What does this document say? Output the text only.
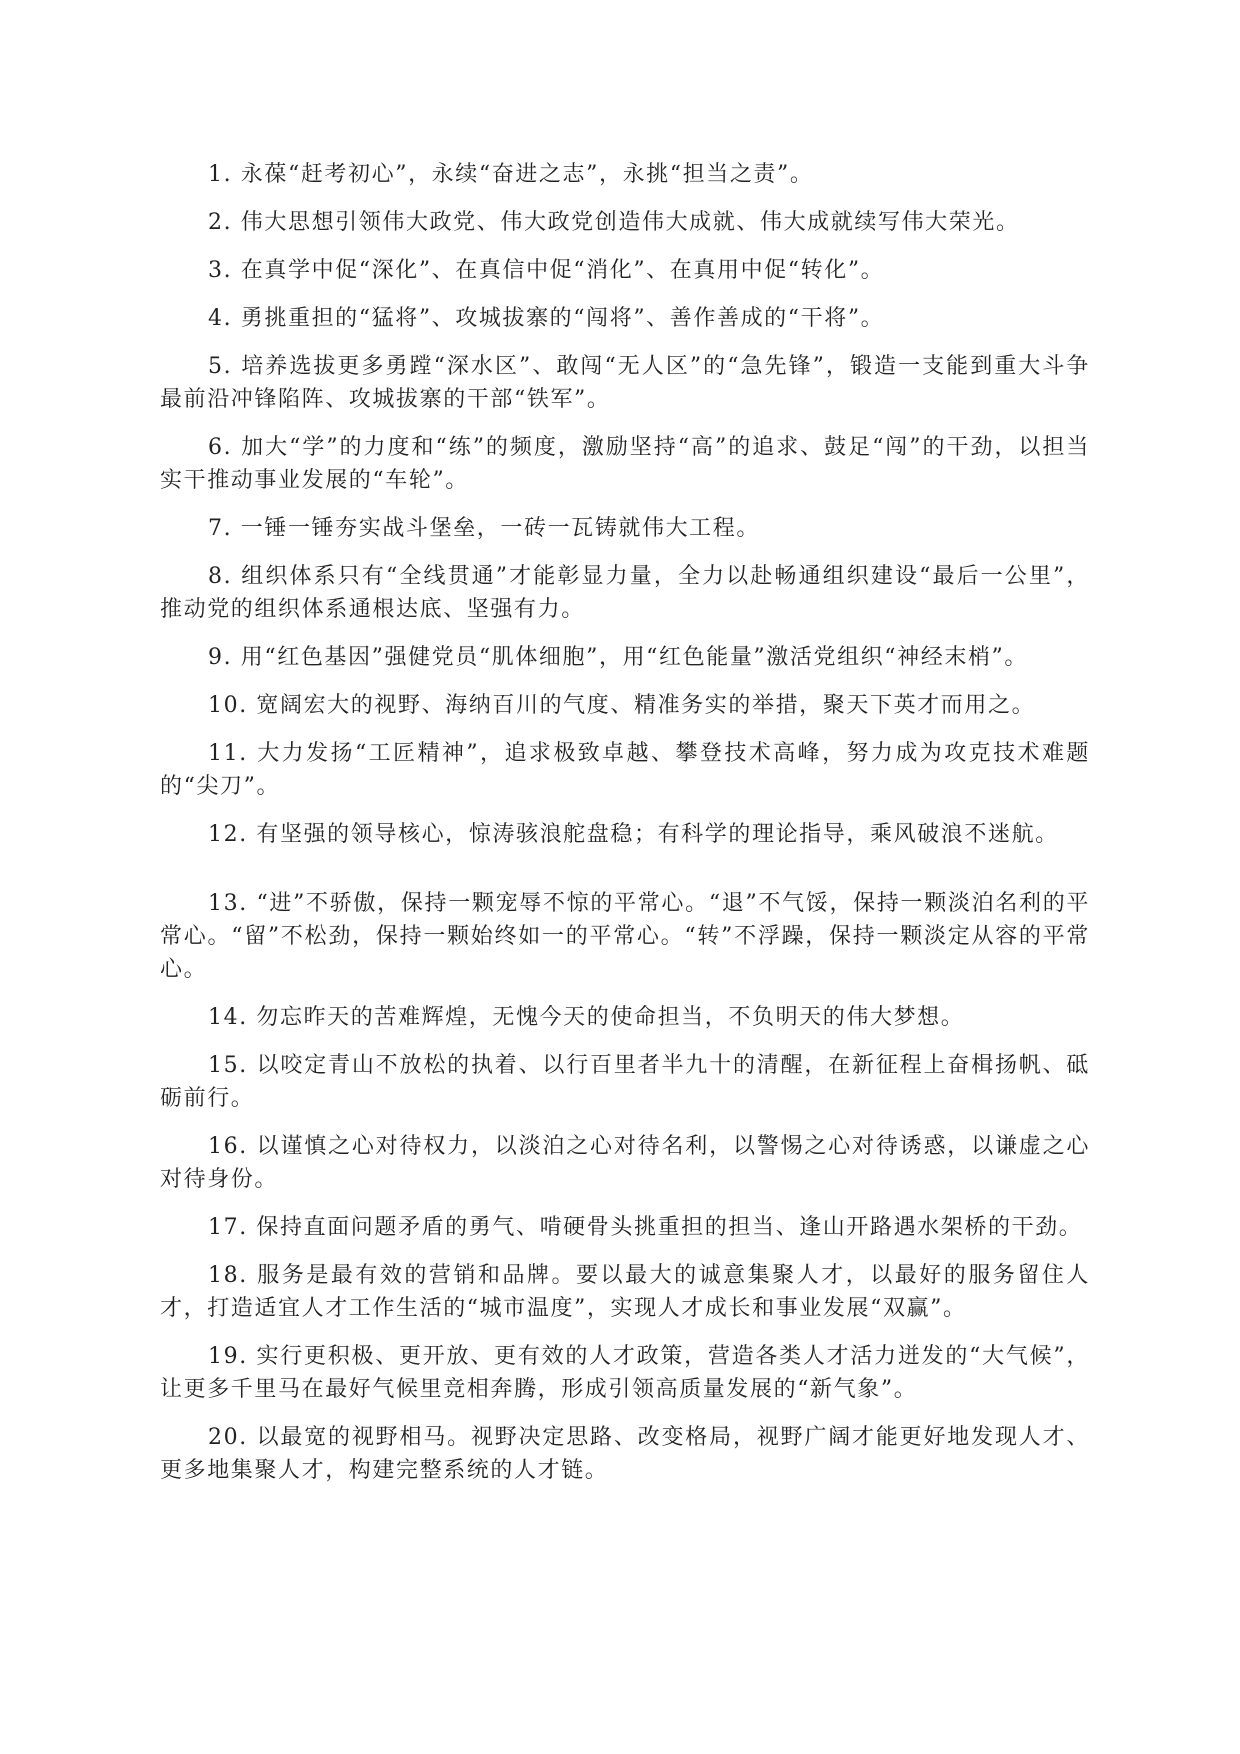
1. 永葆“赶考初心”，永续“奋进之志”，永挑“担当之责”。

2. 伟大思想引领伟大政党、伟大政党创造伟大成就、伟大成就续写伟大荣光。

3. 在真学中促“深化”、在真信中促“消化”、在真用中促“转化”。

4. 勇挑重担的“猛将”、攻城拔寨的“闯将”、善作善成的“干将”。

5. 培养选拔更多勇蹚“深水区”、敢闯“无人区”的“急先锋”，锻造一支能到重大斗争最前沿冲锋陷阵、攻城拔寨的干部“铁军”。

6. 加大“学”的力度和“练”的频度，激励坚持“高”的追求、鼓足“闯”的干劲，以担当实干推动事业发展的“车轮”。

7. 一锤一锤夯实战斗堡垒，一砖一瓦铸就伟大工程。

8. 组织体系只有“全线贯通”才能彰显力量，全力以赴畅通组织建设“最后一公里”，推动党的组织体系通根达底、坚强有力。

9. 用“红色基因”强健党员“肌体细胞”，用“红色能量”激活党组织“神经末梢”。

10. 宽阔宏大的视野、海纳百川的气度、精准务实的举措，聚天下英才而用之。

11. 大力发扬“工匠精神”，追求极致卓越、攀登技术高峰，努力成为攻克技术难题的“尖刀”。

12. 有坚强的领导核心，惊涛骇浪舵盘稳；有科学的理论指导，乘风破浪不迷航。

13. “进”不骄傲，保持一颗宠辱不惊的平常心。“退”不气馁，保持一颗淡泊名利的平常心。“留”不松劲，保持一颗始终如一的平常心。“转”不浮躁，保持一颗淡定从容的平常心。

14. 勿忘昨天的苦难辉煌，无愧今天的使命担当，不负明天的伟大梦想。

15. 以咬定青山不放松的执着、以行百里者半九十的清醒，在新征程上奋楫扬帆、砥砺前行。

16. 以谨慎之心对待权力，以淡泊之心对待名利，以警惕之心对待诱惑，以谦虚之心对待身份。

17. 保持直面问题矛盾的勇气、啃硬骨头挑重担的担当、逢山开路遇水架桥的干劲。

18. 服务是最有效的营销和品牌。要以最大的诚意集聚人才，以最好的服务留住人才，打造适宜人才工作生活的“城市温度”，实现人才成长和事业发展“双赢”。

19. 实行更积极、更开放、更有效的人才政策，营造各类人才活力迸发的“大气候”，让更多千里马在最好气候里竞相奔腾，形成引领高质量发展的“新气象”。

20. 以最宽的视野相马。视野决定思路、改变格局，视野广阔才能更好地发现人才、更多地集聚人才，构建完整系统的人才链。
